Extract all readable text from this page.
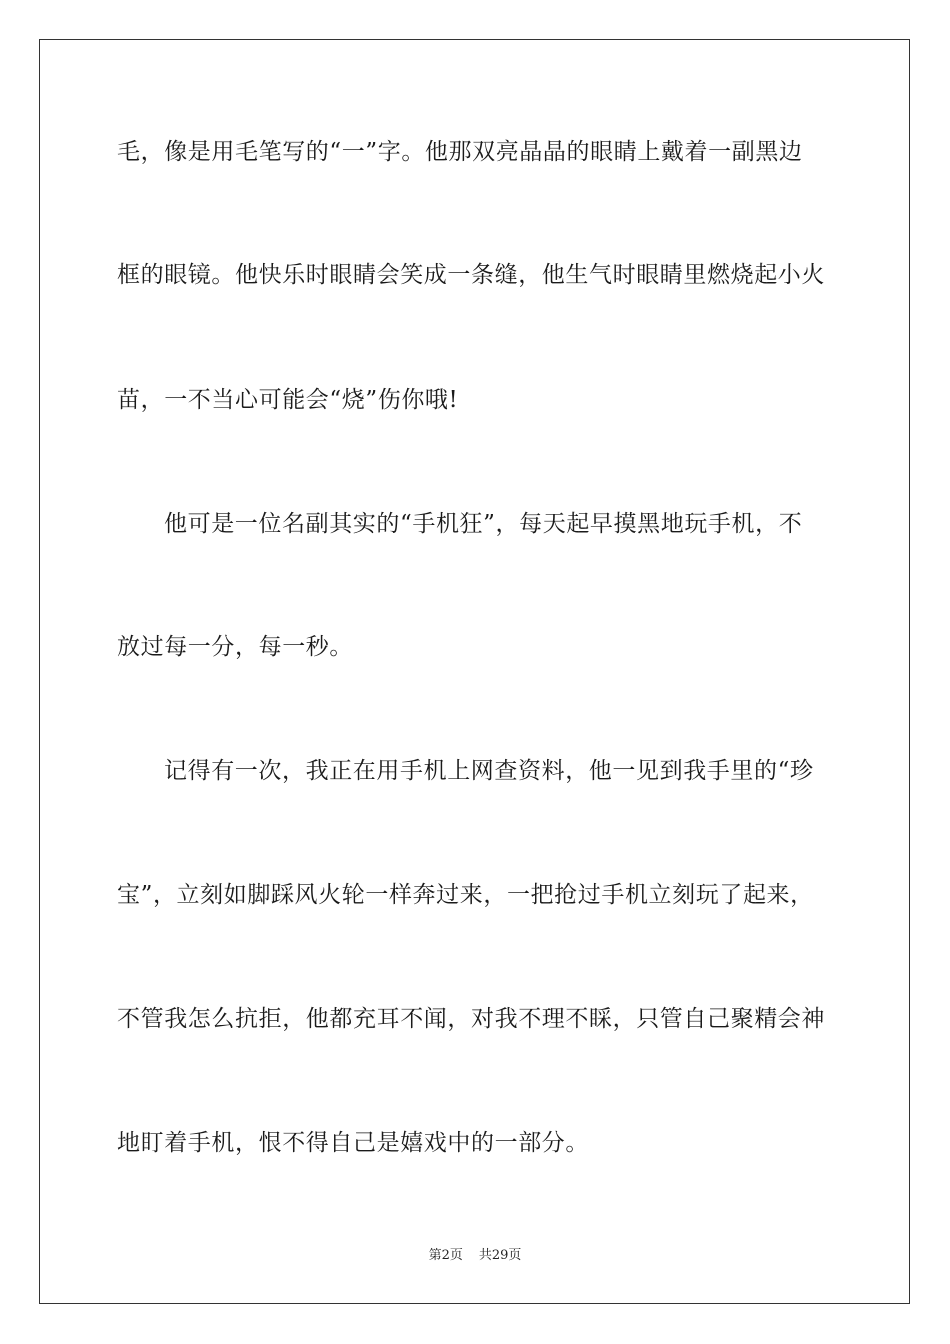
毛，像是用毛笔写的“一”字。他那双亮晶晶的眼睛上戴着一副黑边
框的眼镜。他快乐时眼睛会笑成一条缝，他生气时眼睛里燃烧起小火
苗，一不当心可能会“烧”伤你哦!
他可是一位名副其实的“手机狂”，每天起早摸黑地玩手机，不
放过每一分，每一秒。
记得有一次，我正在用手机上网查资料，他一见到我手里的“珍
宝”，立刻如脚踩风火轮一样奔过来，一把抢过手机立刻玩了起来，
不管我怎么抗拒，他都充耳不闻，对我不理不睬，只管自己聚精会神
地盯着手机，恨不得自己是嬉戏中的一部分。
第2页 共29页
